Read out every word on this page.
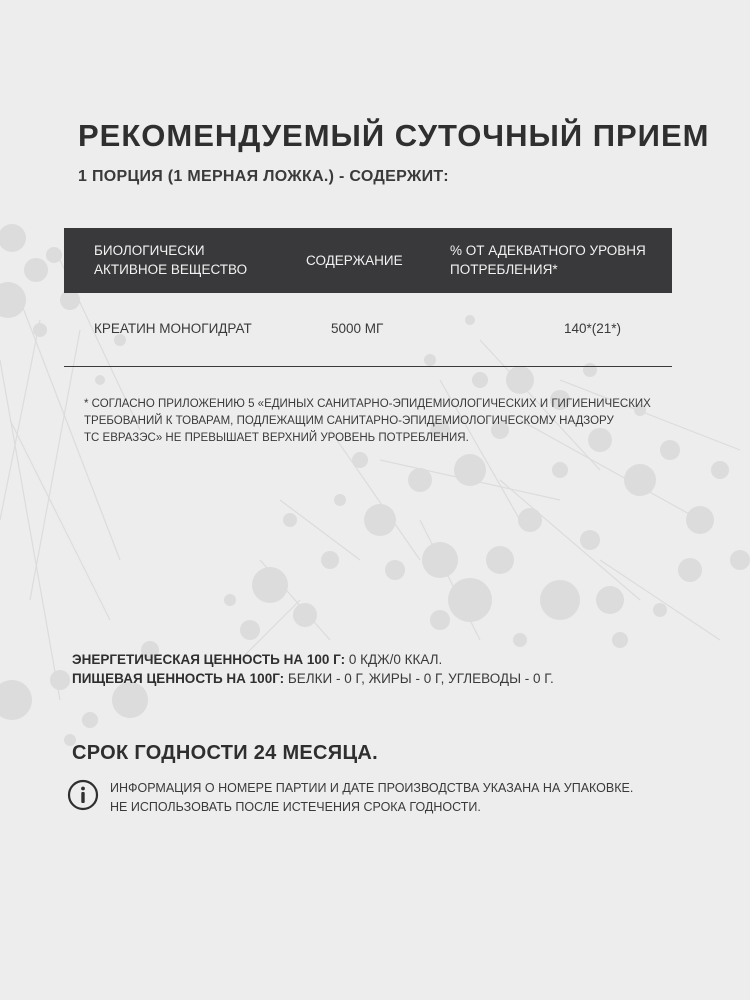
РЕКОМЕНДУЕМЫЙ СУТОЧНЫЙ ПРИЕМ
1 ПОРЦИЯ (1 МЕРНАЯ ЛОЖКА.) - СОДЕРЖИТ:
БИОЛОГИЧЕСКИ
АКТИВНОЕ ВЕЩЕСТВО
СОДЕРЖАНИЕ
% ОТ АДЕКВАТНОГО УРОВНЯ
ПОТРЕБЛЕНИЯ*
КРЕАТИН МОНОГИДРАТ	5000 МГ	140*(21*)
* СОГЛАСНО ПРИЛОЖЕНИЮ 5 «ЕДИНЫХ САНИТАРНО-ЭПИДЕМИОЛОГИЧЕСКИХ И ГИГИЕНИЧЕСКИХ
ТРЕБОВАНИЙ К ТОВАРАМ, ПОДЛЕЖАЩИМ САНИТАРНО-ЭПИДЕМИОЛОГИЧЕСКОМУ НАДЗОРУ
ТС ЕВРАЗЭС» НЕ ПРЕВЫШАЕТ ВЕРХНИЙ УРОВЕНЬ ПОТРЕБЛЕНИЯ.
ЭНЕРГЕТИЧЕСКАЯ ЦЕННОСТЬ НА 100 Г: 0 КДЖ/0 ККАЛ.
ПИЩЕВАЯ ЦЕННОСТЬ НА 100Г: БЕЛКИ - 0 Г, ЖИРЫ - 0 Г, УГЛЕВОДЫ - 0 Г.
СРОК ГОДНОСТИ 24 МЕСЯЦА.
ИНФОРМАЦИЯ О НОМЕРЕ ПАРТИИ И ДАТЕ ПРОИЗВОДСТВА УКАЗАНА НА УПАКОВКЕ.
НЕ ИСПОЛЬЗОВАТЬ ПОСЛЕ ИСТЕЧЕНИЯ СРОКА ГОДНОСТИ.
